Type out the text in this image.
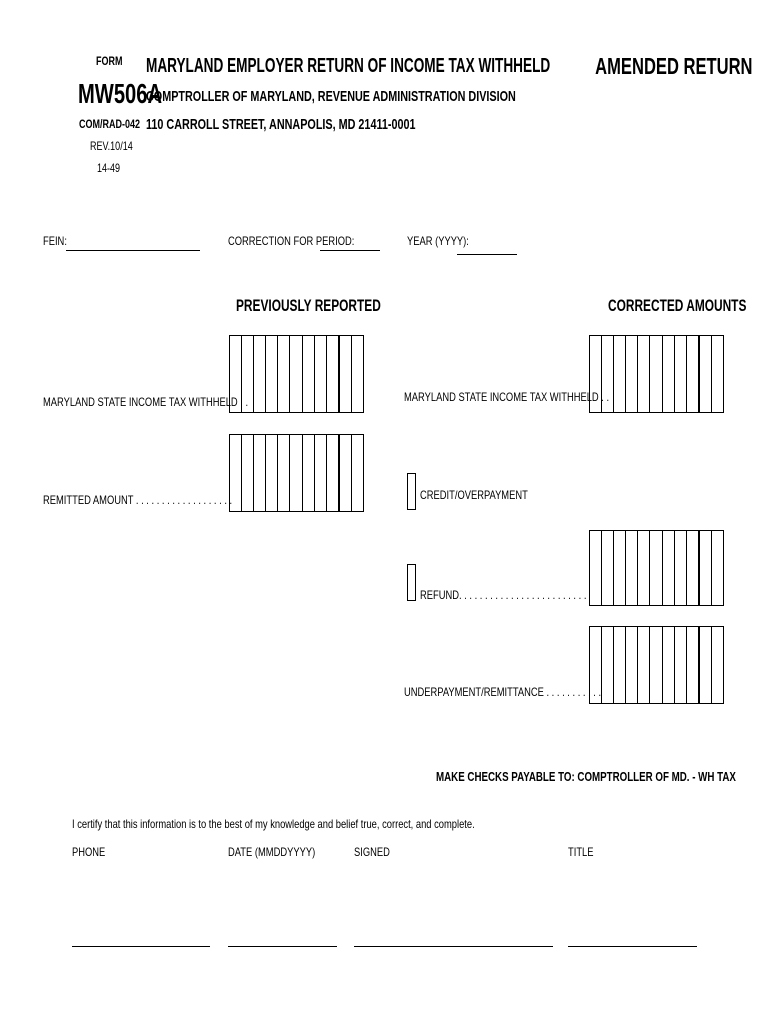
FORM
MW506A
COM/RAD-042
REV.10/14
14-49
MARYLAND EMPLOYER RETURN OF INCOME TAX WITHHELD
COMPTROLLER OF MARYLAND, REVENUE ADMINISTRATION DIVISION
110 CARROLL STREET, ANNAPOLIS, MD 21411-0001
AMENDED RETURN
FEIN:	CORRECTION FOR PERIOD:	YEAR (YYYY):
PREVIOUSLY REPORTED	CORRECTED AMOUNTS
MARYLAND STATE INCOME TAX WITHHELD . .
REMITTED AMOUNT . . . . . . . . . . . . . . . . . . .
MARYLAND STATE INCOME TAX WITHHELD . .
CREDIT/OVERPAYMENT
REFUND. . . . . . . . . . . . . . . . . . . . . . . . .
UNDERPAYMENT/REMITTANCE . . . . . . . . . . .
MAKE CHECKS PAYABLE TO: COMPTROLLER OF MD. - WH TAX
I certify that this information is to the best of my knowledge and belief true, correct, and complete.
PHONE	DATE (MMDDYYYY)	SIGNED	TITLE
